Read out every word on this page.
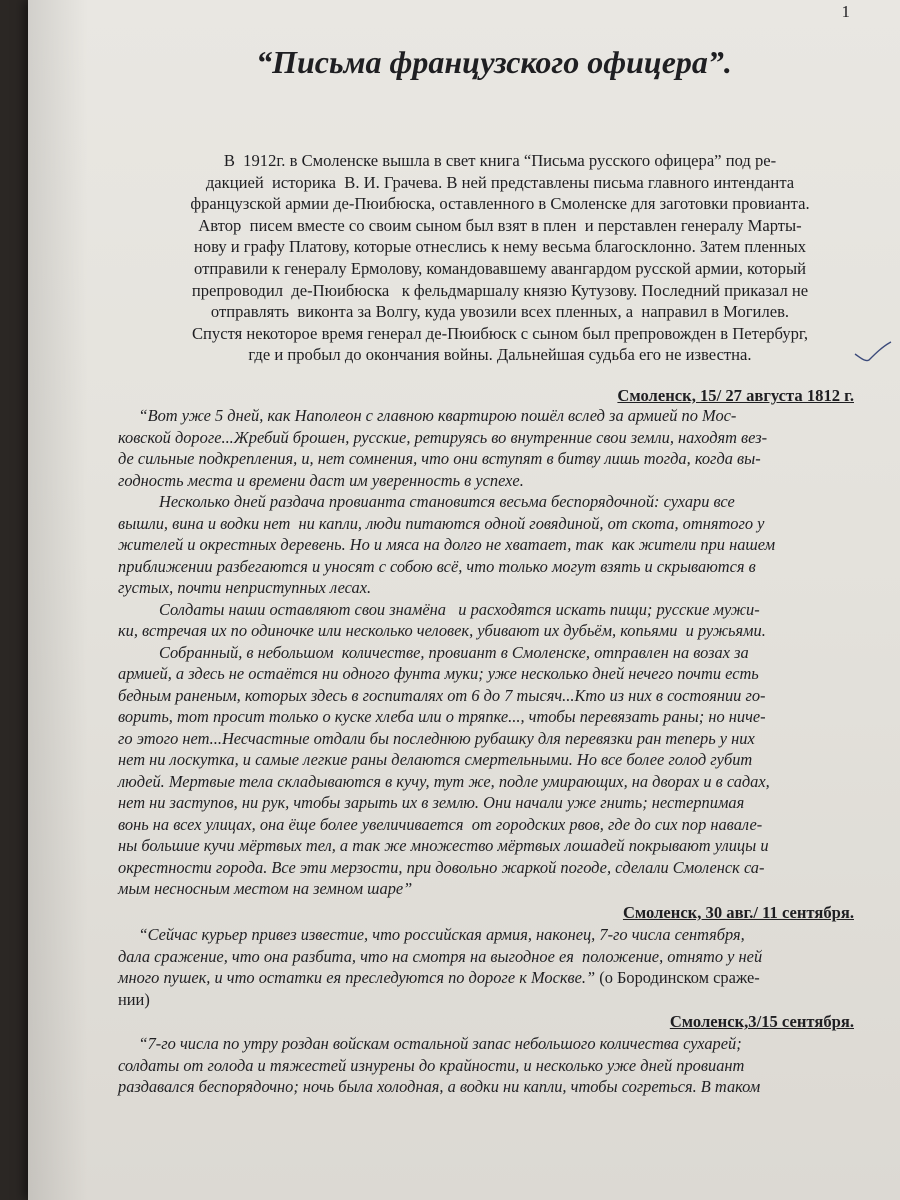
1
“Письма французского офицера”.
В  1912г. в Смоленске вышла в свет книга “Письма русского офицера” под ре-
дакцией  историка  В. И. Грачева. В ней представлены письма главного интенданта
французской армии де-Пюибюска, оставленного в Смоленске для заготовки провианта.
Автор  писем вместе со своим сыном был взят в плен  и перставлен генералу Марты-
нову и графу Платову, которые отнеслись к нему весьма благосклонно. Затем пленных
отправили к генералу Ермолову, командовавшему авангардом русской армии, который
препроводил  де-Пюибюска   к фельдмаршалу князю Кутузову. Последний приказал не
отправлять  виконта за Волгу, куда увозили всех пленных, а  направил в Могилев.
Спустя некоторое время генерал де-Пюибюск с сыном был препровожден в Петербург,
где и пробыл до окончания войны. Дальнейшая судьба его не известна.
Смоленск, 15/ 27 августа 1812 г.
“Вот уже 5 дней, как Наполеон с главною квартирою пошёл вслед за армией по Мос-
ковской дороге...Жребий брошен, русские, ретируясь во внутренние свои земли, находят вез-
де сильные подкрепления, и, нет сомнения, что они вступят в битву лишь тогда, когда вы-
годность места и времени даст им уверенность в успехе.
Несколько дней раздача провианта становится весьма беспорядочной: сухари все
вышли, вина и водки нет  ни капли, люди питаются одной говядиной, от скота, отнятого у
жителей и окрестных деревень. Но и мяса на долго не хватает, так  как жители при нашем
приближении разбегаются и уносят с собою всё, что только могут взять и скрываются в
густых, почти неприступных лесах.
Солдаты наши оставляют свои знамёна   и расходятся искать пищи; русские мужи-
ки, встречая их по одиночке или несколько человек, убивают их дубьём, копьями  и ружьями.
Собранный, в небольшом  количестве, провиант в Смоленске, отправлен на возах за
армией, а здесь не остаётся ни одного фунта муки; уже несколько дней нечего почти есть
бедным раненым, которых здесь в госпиталях от 6 до 7 тысяч...Кто из них в состоянии го-
ворить, тот просит только о куске хлеба или о тряпке..., чтобы перевязать раны; но ниче-
го этого нет...Несчастные отдали бы последнюю рубашку для перевязки ран теперь у них
нет ни лоскутка, и самые легкие раны делаются смертельными. Но все более голод губит
людей. Мертвые тела складываются в кучу, тут же, подле умирающих, на дворах и в садах,
нет ни заступов, ни рук, чтобы зарыть их в землю. Они начали уже гнить; нестерпимая
вонь на всех улицах, она ёще более увеличивается  от городских рвов, где до сих пор навале-
ны большие кучи мёртвых тел, а так же множество мёртвых лошадей покрывают улицы и
окрестности города. Все эти мерзости, при довольно жаркой погоде, сделали Смоленск са-
мым несносным местом на земном шаре”
Смоленск, 30 авг./ 11 сентября.
“Сейчас курьер привез известие, что российская армия, наконец, 7-го числа сентября,
дала сражение, что она разбита, что на смотря на выгодное ея  положение, отнято у ней
много пушек, и что остатки ея преследуются по дороге к Москве.” (о Бородинском сраже-
нии)
Смоленск,3/15 сентября.
“7-го числа по утру роздан войскам остальной запас небольшого количества сухарей;
солдаты от голода и тяжестей изнурены до крайности, и несколько уже дней провиант
раздавался беспорядочно; ночь была холодная, а водки ни капли, чтобы согреться. В таком
